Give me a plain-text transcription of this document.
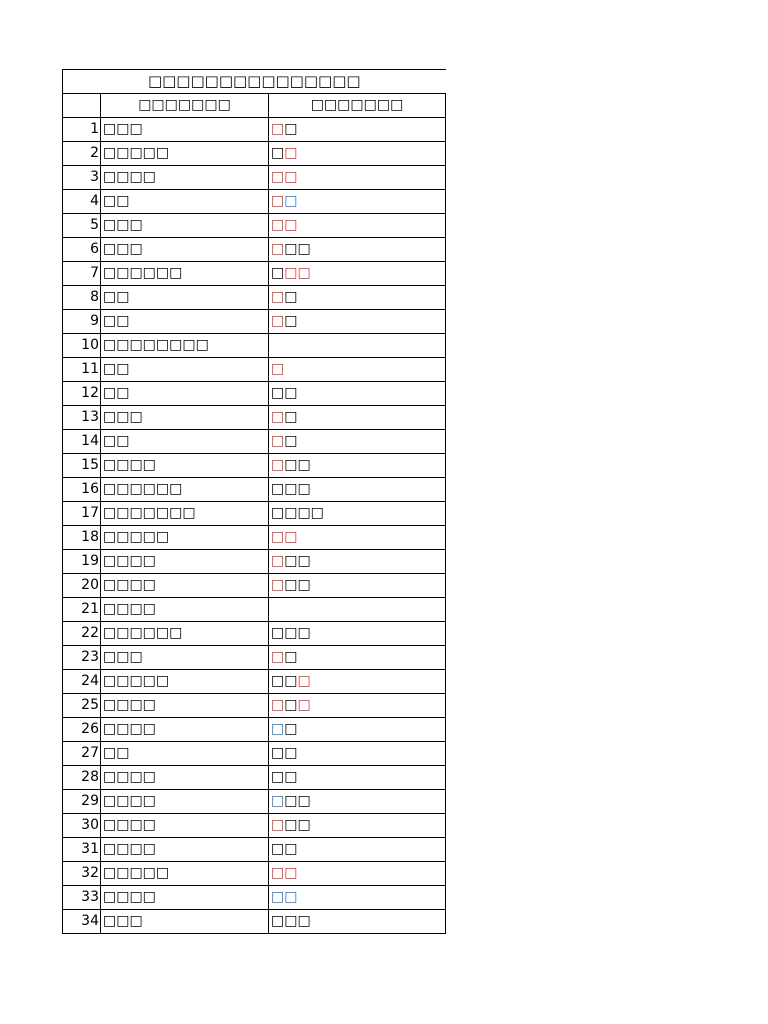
□□□□□□□□□□□□□□□		
	□□□□□□□	□□□□□□□
1	□□□	□□
2	□□□□□	□□
3	□□□□	□□
4	□□	□□
5	□□□	□□
6	□□□	□□□
7	□□□□□□	□□□
8	□□	□□
9	□□	□□
10	□□□□□□□□	
11	□□	□
12	□□	□□
13	□□□	□□
14	□□	□□
15	□□□□	□□□
16	□□□□□□	□□□
17	□□□□□□□	□□□□
18	□□□□□	□□
19	□□□□	□□□
20	□□□□	□□□
21	□□□□	
22	□□□□□□	□□□
23	□□□	□□
24	□□□□□	□□□
25	□□□□	□□□
26	□□□□	□□
27	□□	□□
28	□□□□	□□
29	□□□□	□□□
30	□□□□	□□□
31	□□□□	□□
32	□□□□□	□□
33	□□□□	□□
34	□□□	□□□
